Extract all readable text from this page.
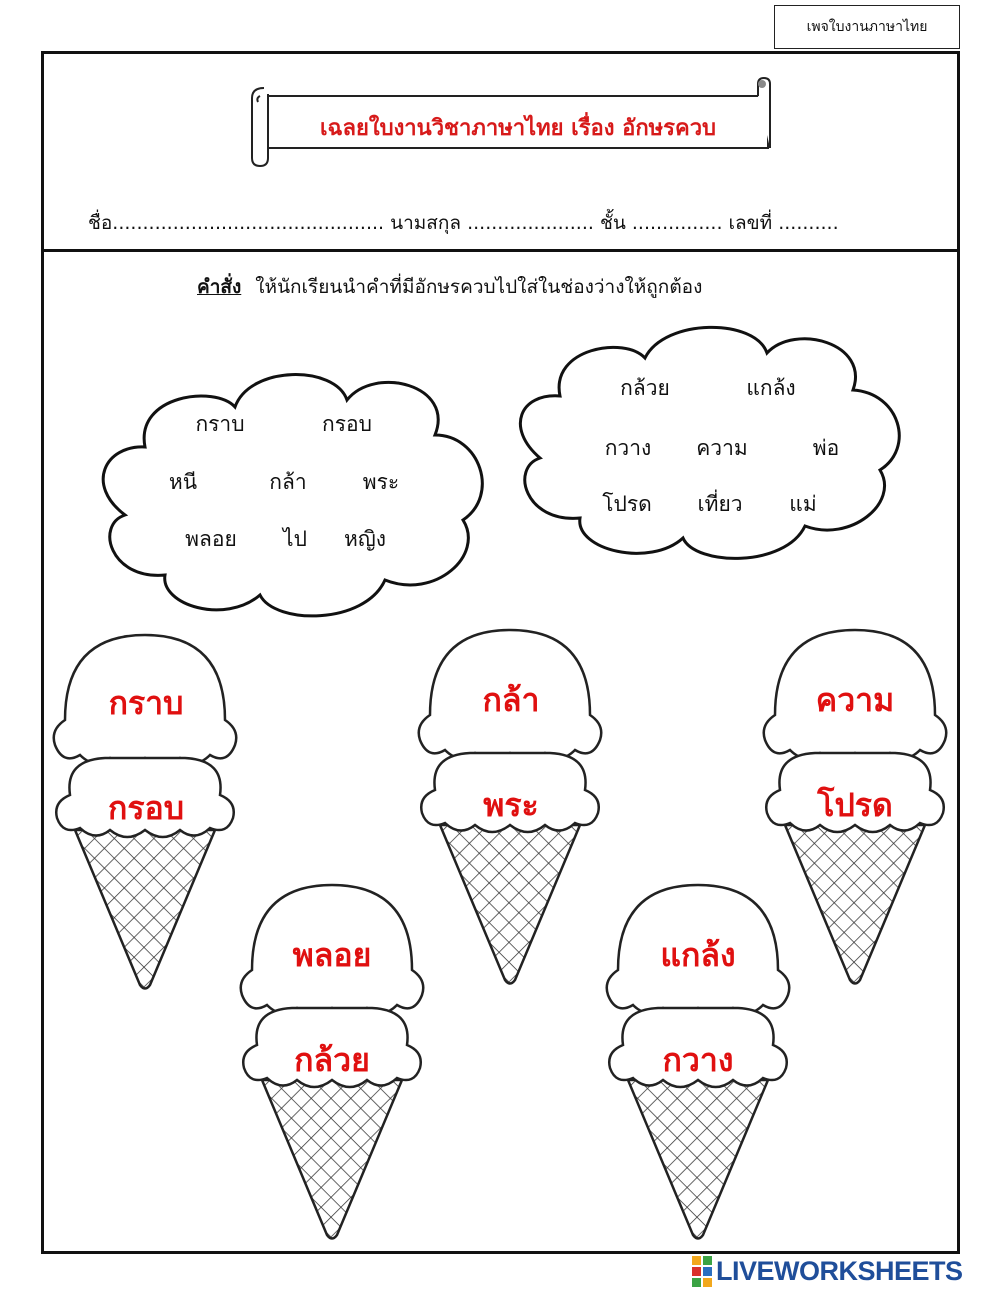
เพจใบงานภาษาไทย
เฉลยใบงานวิชาภาษาไทย เรื่อง อักษรควบ
ชื่อ............................................. นามสกุล ..................... ชั้น ............... เลขที่ ..........
คำสั่ง ให้นักเรียนนำคำที่มีอักษรควบไปใส่ในช่องว่างให้ถูกต้อง
กราบ	กรอบ
หนี	กล้า	พระ
พลอย ไป หญิง
กล้วย	แกล้ง
กวาง ความ	พ่อ
โปรด เที่ยว แม่
กราบ
กรอบ
กล้า
พระ
ความ
โปรด
พลอย
กล้วย
แกล้ง
กวาง
LIVEWORKSHEETS
